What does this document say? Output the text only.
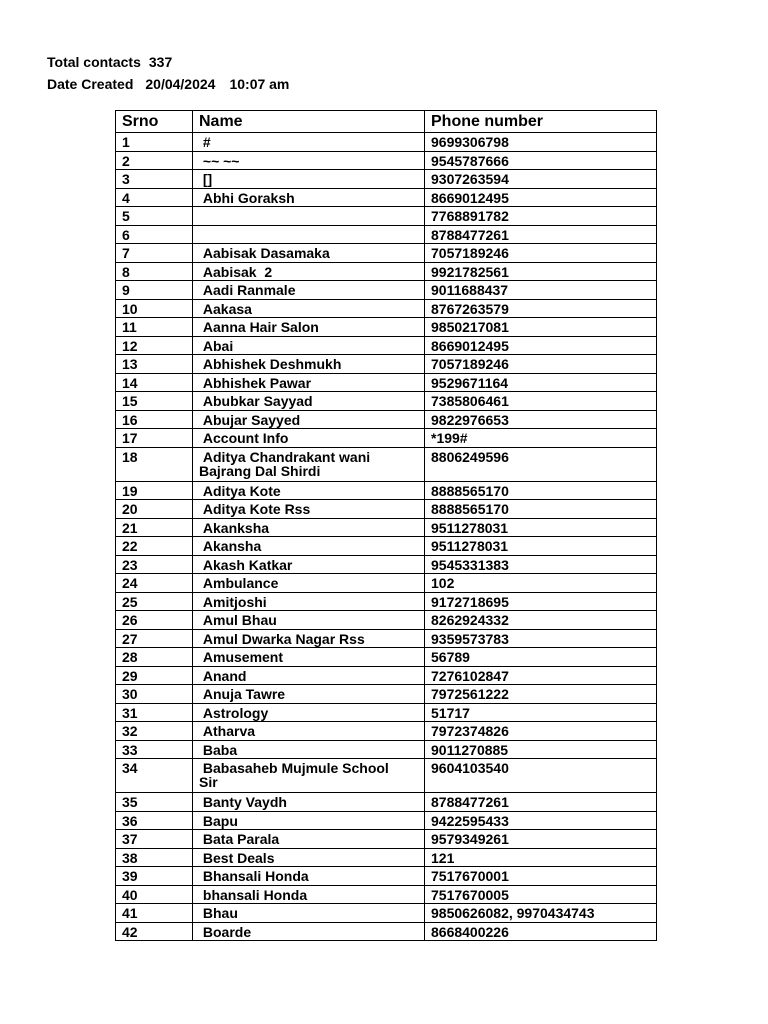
Total contacts 337
Date Created 20/04/2024 10:07 am
Srno	Name	Phone number
1	#	9699306798
2	~~ ~~	9545787666
3	[]	9307263594
4	Abhi Goraksh	8669012495
5		7768891782
6		8788477261
7	Aabisak Dasamaka	7057189246
8	Aabisak  2	9921782561
9	Aadi Ranmale	9011688437
10	Aakasa	8767263579
11	Aanna Hair Salon	9850217081
12	Abai	8669012495
13	Abhishek Deshmukh	7057189246
14	Abhishek Pawar	9529671164
15	Abubkar Sayyad	7385806461
16	Abujar Sayyed	9822976653
17	Account Info	*199#
18	Aditya Chandrakant wani
Bajrang Dal Shirdi	8806249596
19	Aditya Kote	8888565170
20	Aditya Kote Rss	8888565170
21	Akanksha	9511278031
22	Akansha	9511278031
23	Akash Katkar	9545331383
24	Ambulance	102
25	Amitjoshi	9172718695
26	Amul Bhau	8262924332
27	Amul Dwarka Nagar Rss	9359573783
28	Amusement	56789
29	Anand	7276102847
30	Anuja Tawre	7972561222
31	Astrology	51717
32	Atharva	7972374826
33	Baba	9011270885
34	Babasaheb Mujmule School
Sir	9604103540
35	Banty Vaydh	8788477261
36	Bapu	9422595433
37	Bata Parala	9579349261
38	Best Deals	121
39	Bhansali Honda	7517670001
40	bhansali Honda	7517670005
41	Bhau	9850626082, 9970434743
42	Boarde	8668400226
